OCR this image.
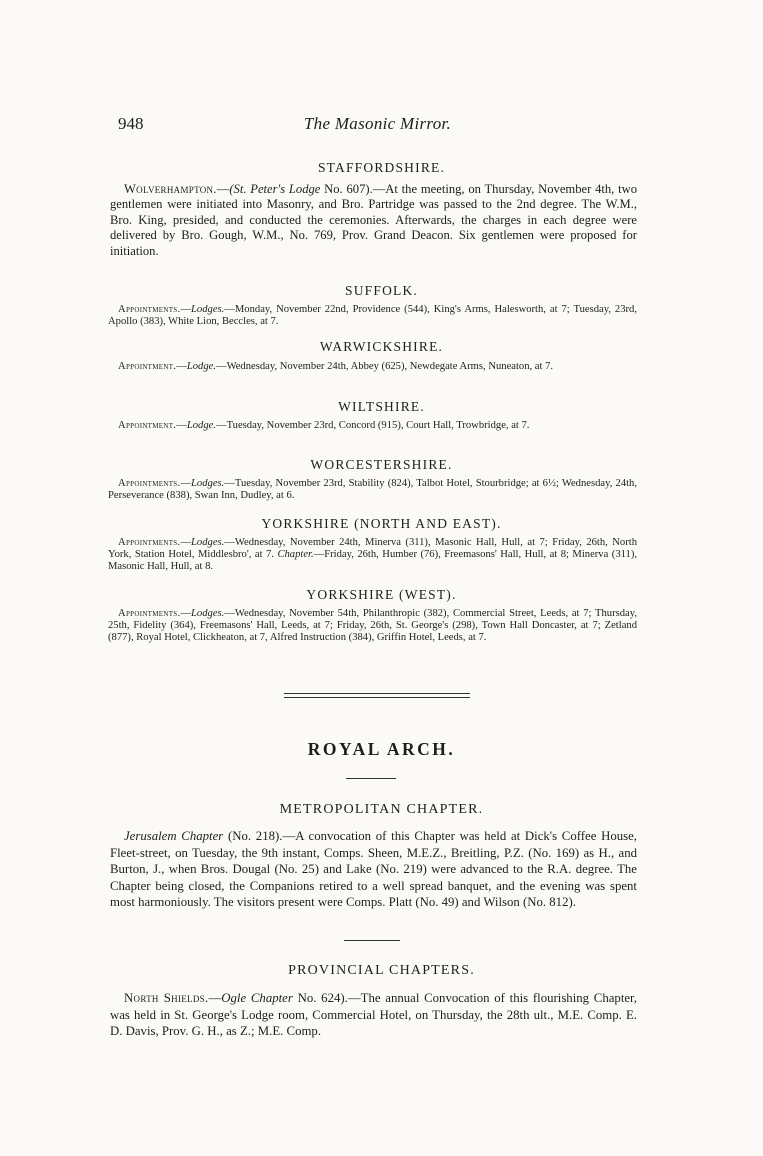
948	The Masonic Mirror.
STAFFORDSHIRE.

Wolverhampton.—(St. Peter's Lodge No. 607).—At the meeting, on Thursday, November 4th, two gentlemen were initiated into Masonry, and Bro. Partridge was passed to the 2nd degree. The W.M., Bro. King, presided, and conducted the ceremonies. Afterwards, the charges in each degree were delivered by Bro. Gough, W.M., No. 769, Prov. Grand Deacon. Six gentlemen were proposed for initiation.

SUFFOLK.

Appointments.—Lodges.—Monday, November 22nd, Providence (544), King's Arms, Halesworth, at 7; Tuesday, 23rd, Apollo (383), White Lion, Beccles, at 7.

WARWICKSHIRE.

Appointment.—Lodge.—Wednesday, November 24th, Abbey (625), Newdegate Arms, Nuneaton, at 7.

WILTSHIRE.

Appointment.—Lodge.—Tuesday, November 23rd, Concord (915), Court Hall, Trowbridge, at 7.

WORCESTERSHIRE.

Appointments.—Lodges.—Tuesday, November 23rd, Stability (824), Talbot Hotel, Stourbridge; at 6½; Wednesday, 24th, Perseverance (838), Swan Inn, Dudley, at 6.

YORKSHIRE (NORTH AND EAST).

Appointments.—Lodges.—Wednesday, November 24th, Minerva (311), Masonic Hall, Hull, at 7; Friday, 26th, North York, Station Hotel, Middlesbro', at 7. Chapter.—Friday, 26th, Humber (76), Freemasons' Hall, Hull, at 8; Minerva (311), Masonic Hall, Hull, at 8.

YORKSHIRE (WEST).

Appointments.—Lodges.—Wednesday, November 54th, Philanthropic (382), Commercial Street, Leeds, at 7; Thursday, 25th, Fidelity (364), Freemasons' Hall, Leeds, at 7; Friday, 26th, St. George's (298), Town Hall Doncaster, at 7; Zetland (877), Royal Hotel, Clickheaton, at 7, Alfred Instruction (384), Griffin Hotel, Leeds, at 7.

ROYAL ARCH.
METROPOLITAN CHAPTER.

Jerusalem Chapter (No. 218).—A convocation of this Chapter was held at Dick's Coffee House, Fleet-street, on Tuesday, the 9th instant, Comps. Sheen, M.E.Z., Breitling, P.Z. (No. 169) as H., and Burton, J., when Bros. Dougal (No. 25) and Lake (No. 219) were advanced to the R.A. degree. The Chapter being closed, the Companions retired to a well spread banquet, and the evening was spent most harmoniously. The visitors present were Comps. Platt (No. 49) and Wilson (No. 812).

PROVINCIAL CHAPTERS.

North Shields.—Ogle Chapter No. 624).—The annual Convocation of this flourishing Chapter, was held in St. George's Lodge room, Commercial Hotel, on Thursday, the 28th ult., M.E. Comp. E. D. Davis, Prov. G. H., as Z.; M.E. Comp.
